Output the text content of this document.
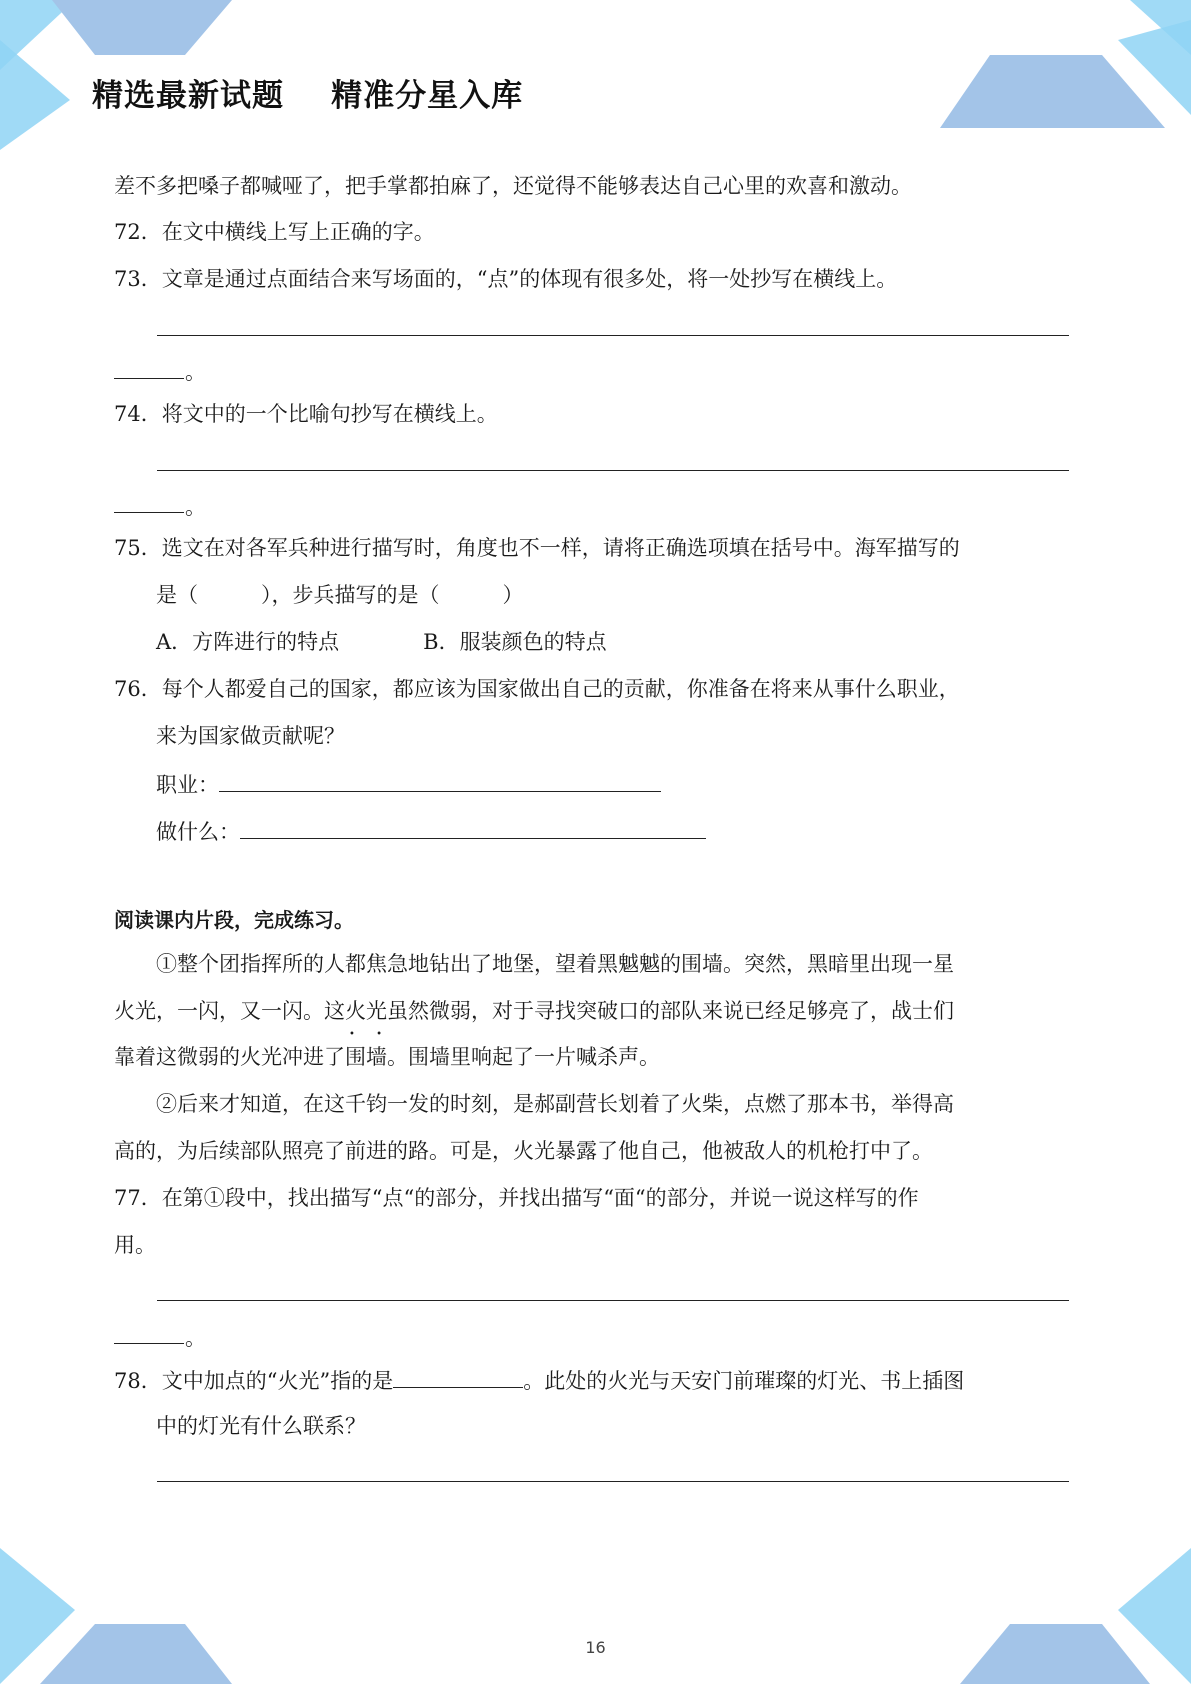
精选最新试题    精准分星入库
差不多把嗓子都喊哑了，把手掌都拍麻了，还觉得不能够表达自己心里的欢喜和激动。
72．在文中横线上写上正确的字。
73．文章是通过点面结合来写场面的，“点”的体现有很多处，将一处抄写在横线上。
。
74．将文中的一个比喻句抄写在横线上。
。
75．选文在对各军兵种进行描写时，角度也不一样，请将正确选项填在括号中。海军描写的
是（　　　），步兵描写的是（　　　）
A．方阵进行的特点	B．服装颜色的特点
76．每个人都爱自己的国家，都应该为国家做出自己的贡献，你准备在将来从事什么职业，
来为国家做贡献呢？
职业：
做什么：
阅读课内片段，完成练习。
①整个团指挥所的人都焦急地钻出了地堡，望着黑魆魆的围墙。突然，黑暗里出现一星
火光，一闪，又一闪。这火光 • •虽然微弱，对于寻找突破口的部队来说已经足够亮了，战士们
靠着这微弱的火光冲进了围墙。围墙里响起了一片喊杀声。
②后来才知道，在这千钧一发的时刻，是郝副营长划着了火柴，点燃了那本书，举得高
高的，为后续部队照亮了前进的路。可是，火光暴露了他自己，他被敌人的机枪打中了。
77．在第①段中，找出描写“点“的部分，并找出描写“面“的部分，并说一说这样写的作
用。
。
78．文中加点的“火光”指的是	。此处的火光与天安门前璀璨的灯光、书上插图
中的灯光有什么联系？
16
